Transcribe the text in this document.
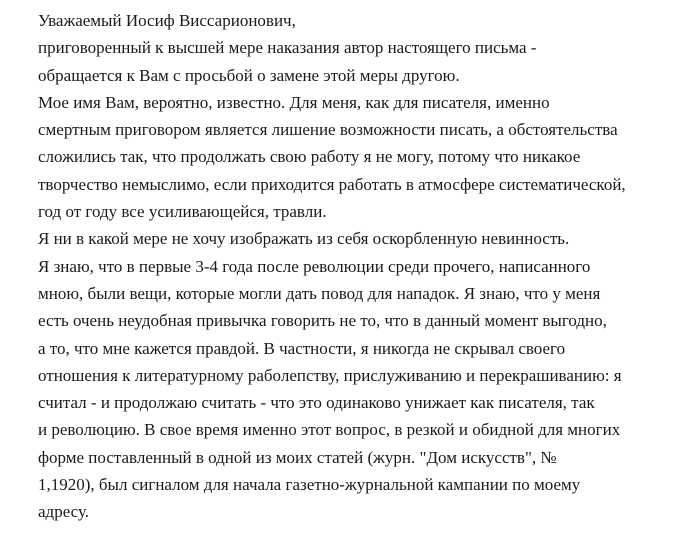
Уважаемый Иосиф Виссарионович,
приговоренный к высшей мере наказания автор настоящего письма -
обращается к Вам с просьбой о замене этой меры другою.
Мое имя Вам, вероятно, известно. Для меня, как для писателя, именно
смертным приговором является лишение возможности писать, а обстоятельства
сложились так, что продолжать свою работу я не могу, потому что никакое
творчество немыслимо, если приходится работать в атмосфере систематической,
год от году все усиливающейся, травли.
Я ни в какой мере не хочу изображать из себя оскорбленную невинность.
Я знаю, что в первые 3-4 года после революции среди прочего, написанного
мною, были вещи, которые могли дать повод для нападок. Я знаю, что у меня
есть очень неудобная привычка говорить не то, что в данный момент выгодно,
а то, что мне кажется правдой. В частности, я никогда не скрывал своего
отношения к литературному раболепству, прислуживанию и перекрашиванию: я
считал - и продолжаю считать - что это одинаково унижает как писателя, так
и революцию. В свое время именно этот вопрос, в резкой и обидной для многих
форме поставленный в одной из моих статей (журн. "Дом искусств", №
1,1920), был сигналом для начала газетно-журнальной кампании по моему
адресу.
